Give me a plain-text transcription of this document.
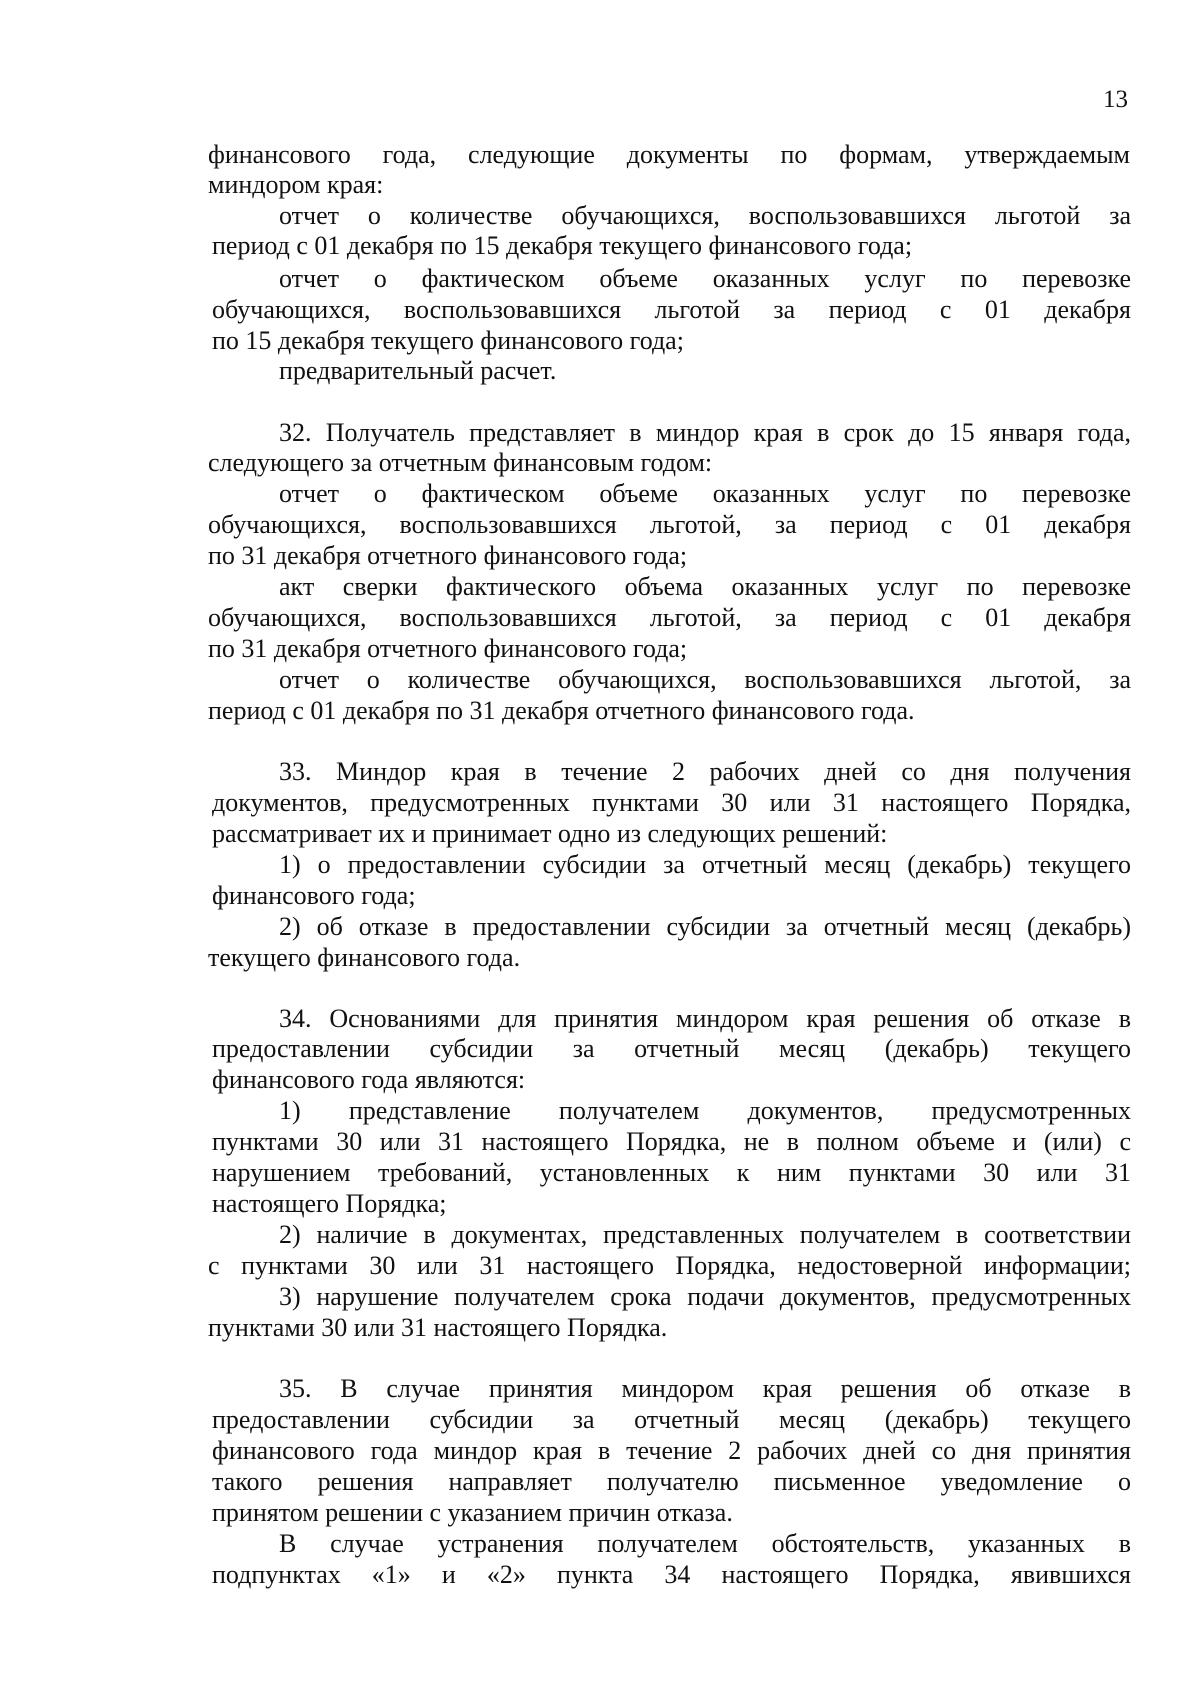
13
финансового года, следующие документы по формам, утверждаемым
миндором края:
отчет о количестве обучающихся, воспользовавшихся льготой за
период с 01 декабря по 15 декабря текущего финансового года;
отчет о фактическом объеме оказанных услуг по перевозке
обучающихся, воспользовавшихся льготой за период с 01 декабря
по 15 декабря текущего финансового года;
предварительный расчет.
32. Получатель представляет в миндор края в срок до 15 января года,
следующего за отчетным финансовым годом:
отчет о фактическом объеме оказанных услуг по перевозке
обучающихся, воспользовавшихся льготой, за период с 01 декабря
по 31 декабря отчетного финансового года;
акт сверки фактического объема оказанных услуг по перевозке
обучающихся, воспользовавшихся льготой, за период с 01 декабря
по 31 декабря отчетного финансового года;
отчет о количестве обучающихся, воспользовавшихся льготой, за
период с 01 декабря по 31 декабря отчетного финансового года.
33. Миндор края в течение 2 рабочих дней со дня получения
документов, предусмотренных пунктами 30 или 31 настоящего Порядка,
рассматривает их и принимает одно из следующих решений:
1) о предоставлении субсидии за отчетный месяц (декабрь) текущего
финансового года;
2) об отказе в предоставлении субсидии за отчетный месяц (декабрь)
текущего финансового года.
34. Основаниями для принятия миндором края решения об отказе в
предоставлении субсидии за отчетный месяц (декабрь) текущего
финансового года являются:
1) представление получателем документов, предусмотренных
пунктами 30 или 31 настоящего Порядка, не в полном объеме и (или) с
нарушением требований, установленных к ним пунктами 30 или 31
настоящего Порядка;
2) наличие в документах, представленных получателем в соответствии
с пунктами 30 или 31 настоящего Порядка, недостоверной информации;
3) нарушение получателем срока подачи документов, предусмотренных
пунктами 30 или 31 настоящего Порядка.
35. В случае принятия миндором края решения об отказе в
предоставлении субсидии за отчетный месяц (декабрь) текущего
финансового года миндор края в течение 2 рабочих дней со дня принятия
такого решения направляет получателю письменное уведомление о
принятом решении с указанием причин отказа.
В случае устранения получателем обстоятельств, указанных в
подпунктах «1» и «2» пункта 34 настоящего Порядка, явившихся
